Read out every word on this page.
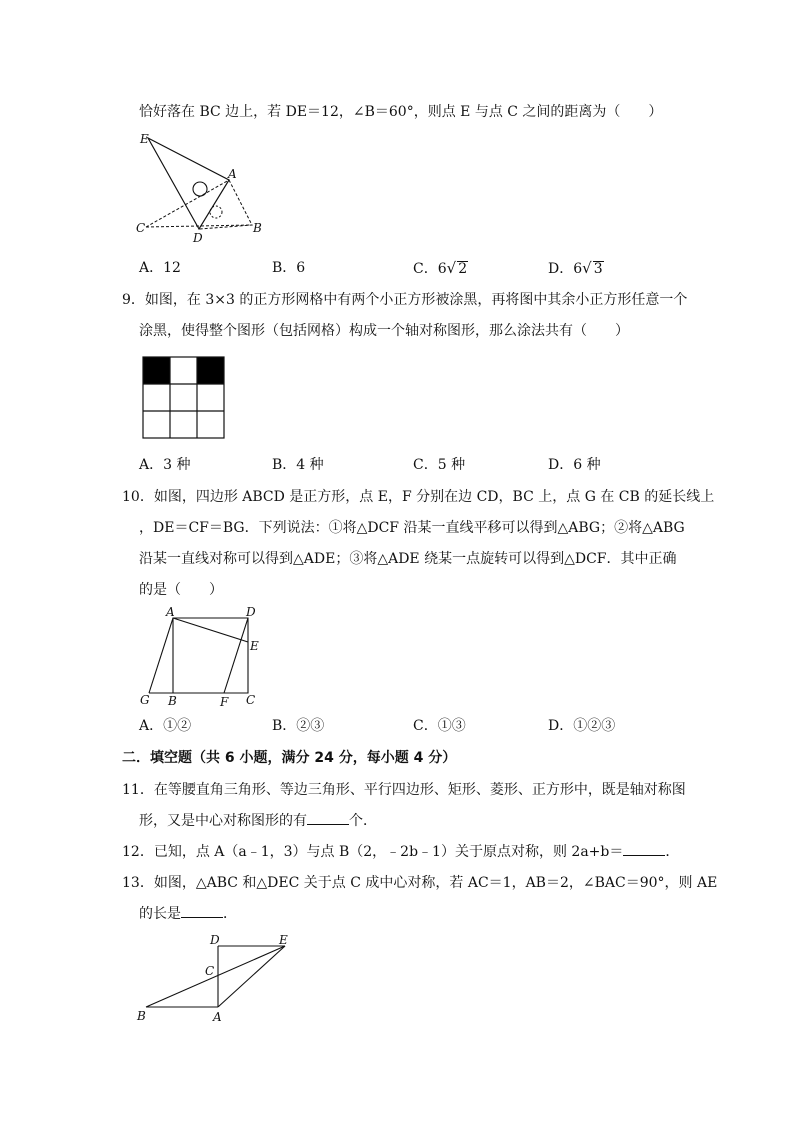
恰好落在 BC 边上，若 DE＝12，∠B＝60°，则点 E 与点 C 之间的距离为（　　）
E
A
C
D
B
A．12	B．6	C．6√ 2	D．6√ 3
9．如图，在 3×3 的正方形网格中有两个小正方形被涂黑，再将图中其余小正方形任意一个
涂黑，使得整个图形（包括网格）构成一个轴对称图形，那么涂法共有（　　）
A．3 种	B．4 种	C．5 种	D．6 种
10．如图，四边形 ABCD 是正方形，点 E，F 分别在边 CD，BC 上，点 G 在 CB 的延长线上
，DE＝CF＝BG．下列说法：①将△DCF 沿某一直线平移可以得到△ABG；②将△ABG
沿某一直线对称可以得到△ADE；③将△ADE 绕某一点旋转可以得到△DCF．其中正确
的是（　　）
A	D
E
G B	F C
A．①②	B．②③	C．①③	D．①②③
二．填空题（共 6 小题，满分 24 分，每小题 4 分）
11．在等腰直角三角形、等边三角形、平行四边形、矩形、菱形、正方形中，既是轴对称图
形，又是中心对称图形的有	个．
12．已知，点 A（a﹣1，3）与点 B（2，﹣2b﹣1）关于原点对称，则 2a+b＝	．
13．如图，△ABC 和△DEC 关于点 C 成中心对称，若 AC＝1，AB＝2，∠BAC＝90°，则 AE
的长是	．
D	E
C
B	A
